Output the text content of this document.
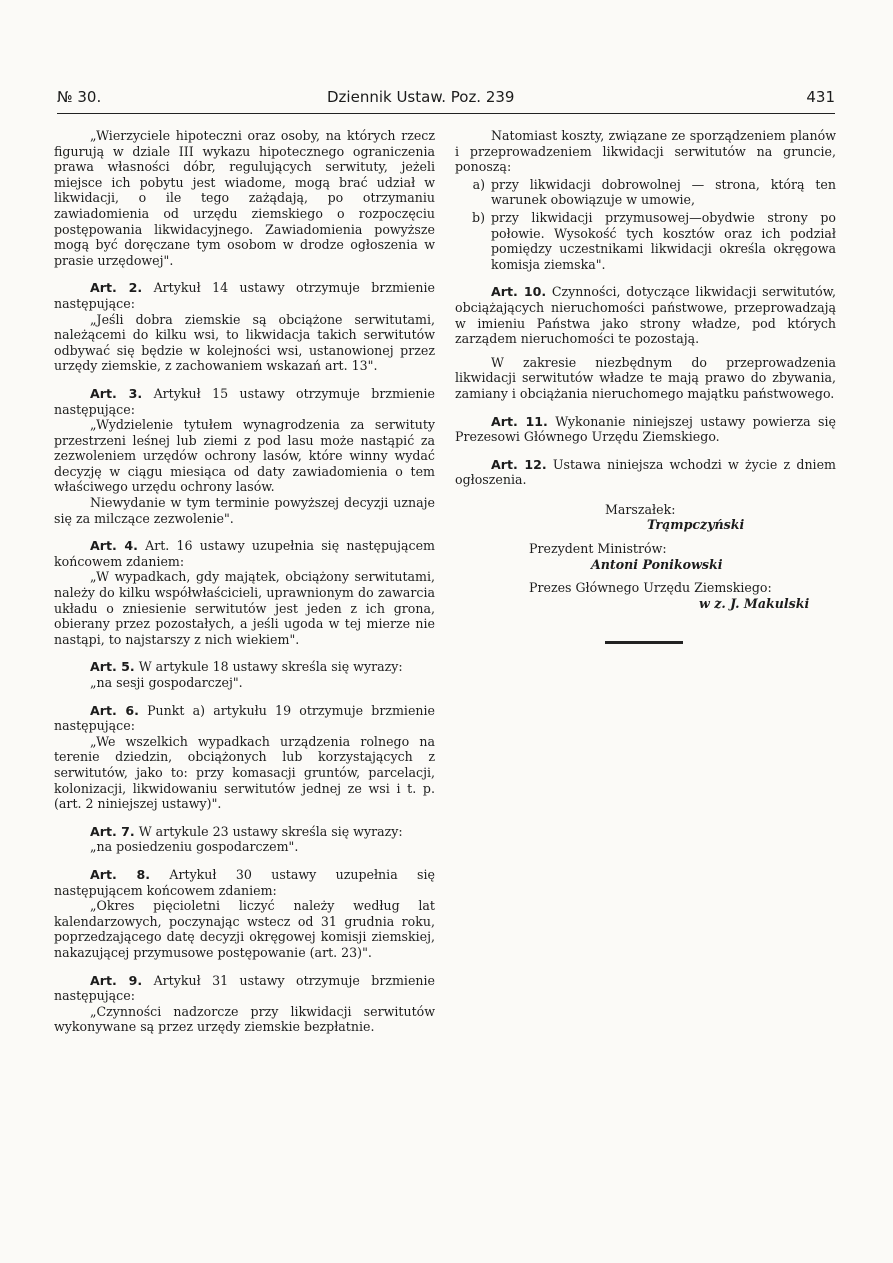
№ 30.	Dziennik Ustaw. Poz. 239	431

„Wierzyciele hipoteczni oraz osoby, na których rzecz figurują w dziale III wykazu hipotecznego ograniczenia prawa własności dóbr, regulujących serwituty, jeżeli miejsce ich pobytu jest wiadome, mogą brać udział w likwidacji, o ile tego zażądają, po otrzymaniu zawiadomienia od urzędu ziemskiego o rozpoczęciu postępowania likwidacyjnego. Zawiadomienia powyższe mogą być doręczane tym osobom w drodze ogłoszenia w prasie urzędowej".

Art. 2. Artykuł 14 ustawy otrzymuje brzmienie następujące:

„Jeśli dobra ziemskie są obciążone serwitutami, należącemi do kilku wsi, to likwidacja takich serwitutów odbywać się będzie w kolejności wsi, ustanowionej przez urzędy ziemskie, z zachowaniem wskazań art. 13".

Art. 3. Artykuł 15 ustawy otrzymuje brzmienie następujące:

„Wydzielenie tytułem wynagrodzenia za serwituty przestrzeni leśnej lub ziemi z pod lasu może nastąpić za zezwoleniem urzędów ochrony lasów, które winny wydać decyzję w ciągu miesiąca od daty zawiadomienia o tem właściwego urzędu ochrony lasów.

Niewydanie w tym terminie powyższej decyzji uznaje się za milczące zezwolenie".

Art. 4. Art. 16 ustawy uzupełnia się następującem końcowem zdaniem:

„W wypadkach, gdy majątek, obciążony serwitutami, należy do kilku współwłaścicieli, uprawnionym do zawarcia układu o zniesienie serwitutów jest jeden z ich grona, obierany przez pozostałych, a jeśli ugoda w tej mierze nie nastąpi, to najstarszy z nich wiekiem".

Art. 5. W artykule 18 ustawy skreśla się wyrazy:

„na sesji gospodarczej".

Art. 6. Punkt a) artykułu 19 otrzymuje brzmienie następujące:

„We wszelkich wypadkach urządzenia rolnego na terenie dziedzin, obciążonych lub korzystających z serwitutów, jako to: przy komasacji gruntów, parcelacji, kolonizacji, likwidowaniu serwitutów jednej ze wsi i t. p. (art. 2 niniejszej ustawy)".

Art. 7. W artykule 23 ustawy skreśla się wyrazy:

„na posiedzeniu gospodarczem".

Art. 8. Artykuł 30 ustawy uzupełnia się następującem końcowem zdaniem:

„Okres pięcioletni liczyć należy według lat kalendarzowych, poczynając wstecz od 31 grudnia roku, poprzedzającego datę decyzji okręgowej komisji ziemskiej, nakazującej przymusowe postępowanie (art. 23)".

Art. 9. Artykuł 31 ustawy otrzymuje brzmienie następujące:

„Czynności nadzorcze przy likwidacji serwitutów wykonywane są przez urzędy ziemskie bezpłatnie.

Natomiast koszty, związane ze sporządzeniem planów i przeprowadzeniem likwidacji serwitutów na gruncie, ponoszą:

a) przy likwidacji dobrowolnej — strona, którą ten warunek obowiązuje w umowie,
b) przy likwidacji przymusowej—obydwie strony po połowie. Wysokość tych kosztów oraz ich podział pomiędzy uczestnikami likwidacji określa okręgowa komisja ziemska".

Art. 10. Czynności, dotyczące likwidacji serwitutów, obciążających nieruchomości państwowe, przeprowadzają w imieniu Państwa jako strony władze, pod których zarządem nieruchomości te pozostają.

W zakresie niezbędnym do przeprowadzenia likwidacji serwitutów władze te mają prawo do zbywania, zamiany i obciążania nieruchomego majątku państwowego.

Art. 11. Wykonanie niniejszej ustawy powierza się Prezesowi Głównego Urzędu Ziemskiego.

Art. 12. Ustawa niniejsza wchodzi w życie z dniem ogłoszenia.

Marszałek:
Trąmpczyński
Prezydent Ministrów:
Antoni Ponikowski
Prezes Głównego Urzędu Ziemskiego:
w z. J. Makulski
